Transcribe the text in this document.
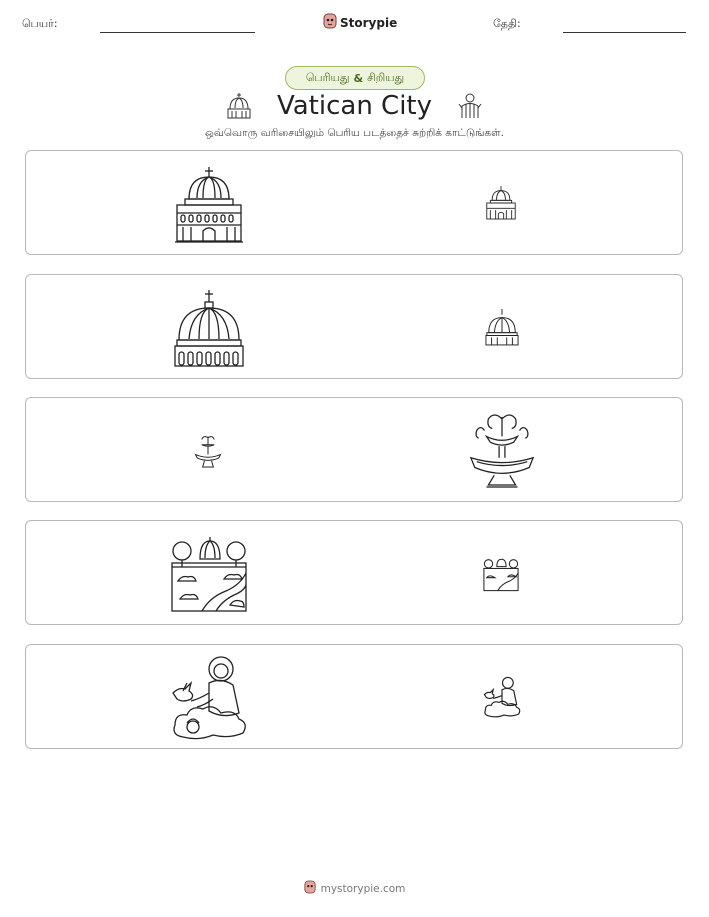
பெயர்:	Storypie	தேதி:
பெரியது & சிறியது
Vatican City
ஒவ்வொரு வரிசையிலும் பெரிய படத்தைச் சுற்றிக் காட்டுங்கள்.
mystorypie.com
